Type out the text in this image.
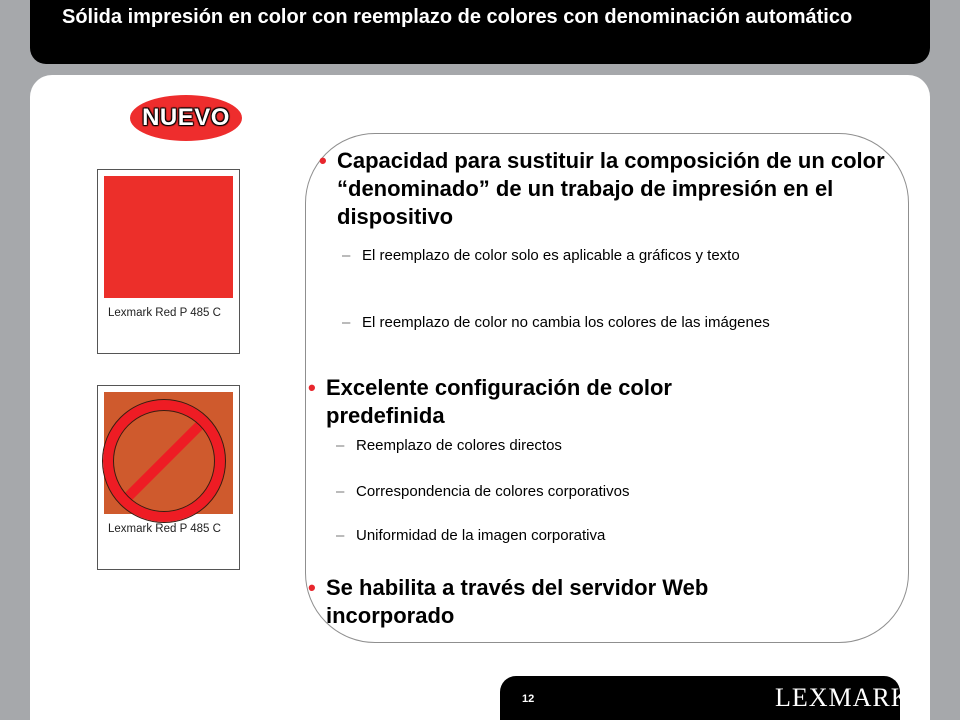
Sólida impresión en color con reemplazo de colores con denominación automático
NUEVO
Lexmark Red P 485 C
Lexmark Red P 485 C
• Capacidad para sustituir la composición de un color “denominado” de un trabajo de impresión en el dispositivo
– El reemplazo de color solo es aplicable a gráficos y texto
– El reemplazo de color no cambia los colores de las imágenes
• Excelente configuración de color predefinida
– Reemplazo de colores directos
– Correspondencia de colores corporativos
– Uniformidad de la imagen corporativa
• Se habilita a través del servidor Web incorporado
12	LEXMARK
